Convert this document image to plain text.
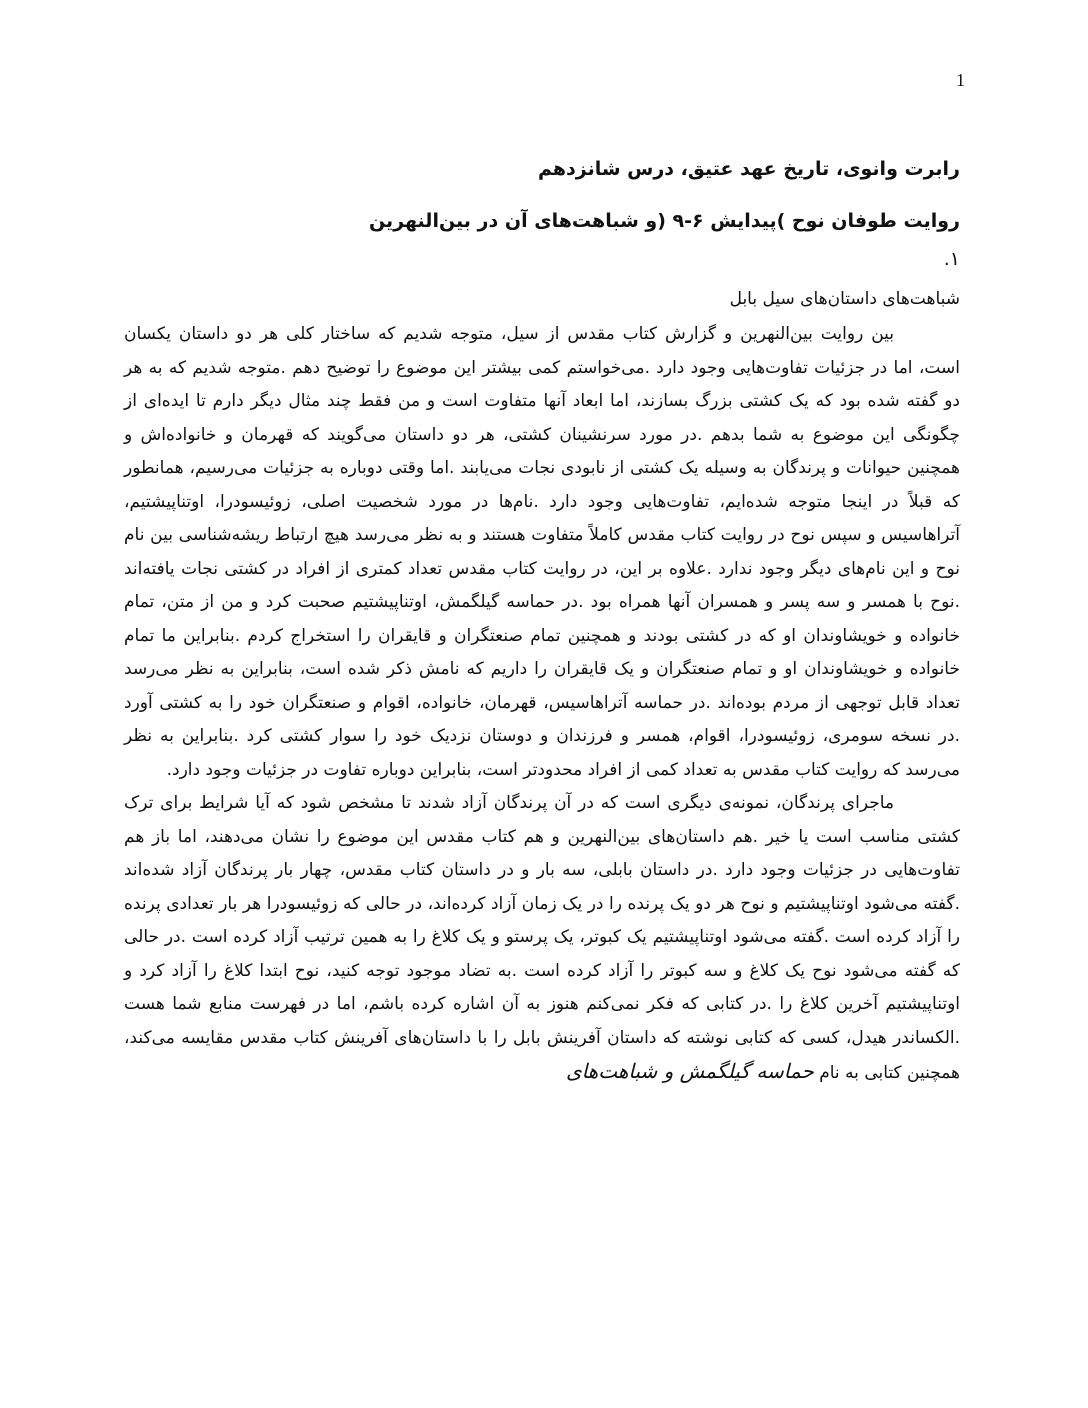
1

رابرت وانوی، تاریخ عهد عتیق، درس شانزدهم

روایت طوفان نوح )پیدایش ۶-۹ (و شباهت‌های آن در بین‌النهرین

۱.

شباهت‌های داستان‌های سیل بابل

بین روایت بین‌النهرین و گزارش کتاب مقدس از سیل، متوجه شدیم که ساختار کلی هر دو داستان یکسان است، اما در جزئیات تفاوت‌هایی وجود دارد .می‌خواستم کمی بیشتر این موضوع را توضیح دهم .متوجه شدیم که به هر دو گفته شده بود که یک کشتی بزرگ بسازند، اما ابعاد آنها متفاوت است و من فقط چند مثال دیگر دارم تا ایده‌ای از چگونگی این موضوع به شما بدهم .در مورد سرنشینان کشتی، هر دو داستان می‌گویند که قهرمان و خانواده‌اش و همچنین حیوانات و پرندگان به وسیله یک کشتی از نابودی نجات می‌یابند .اما وقتی دوباره به جزئیات می‌رسیم، همانطور که قبلاً در اینجا متوجه شده‌ایم، تفاوت‌هایی وجود دارد .نام‌ها در مورد شخصیت اصلی، زوئیسودرا، اوتناپیشتیم، آتراهاسیس و سپس نوح در روایت کتاب مقدس کاملاً متفاوت هستند و به نظر می‌رسد هیچ ارتباط ریشه‌شناسی بین نام نوح و این نام‌های دیگر وجود ندارد .علاوه بر این، در روایت کتاب مقدس تعداد کمتری از افراد در کشتی نجات یافته‌اند .نوح با همسر و سه پسر و همسران آنها همراه بود .در حماسه گیلگمش، اوتناپیشتیم صحبت کرد و من از متن، تمام خانواده و خویشاوندان او که در کشتی بودند و همچنین تمام صنعتگران و قایقران را استخراج کردم .بنابراین ما تمام خانواده و خویشاوندان او و تمام صنعتگران و یک قایقران را داریم که نامش ذکر شده است، بنابراین به نظر می‌رسد تعداد قابل توجهی از مردم بوده‌اند .در حماسه آتراهاسیس، قهرمان، خانواده، اقوام و صنعتگران خود را به کشتی آورد .در نسخه سومری، زوئیسودرا، اقوام، همسر و فرزندان و دوستان نزدیک خود را سوار کشتی کرد .بنابراین به نظر می‌رسد که روایت کتاب مقدس به تعداد کمی از افراد محدودتر است، بنابراین دوباره تفاوت در جزئیات وجود دارد.

ماجرای پرندگان، نمونه‌ی دیگری است که در آن پرندگان آزاد شدند تا مشخص شود که آیا شرایط برای ترک کشتی مناسب است یا خیر .هم داستان‌های بین‌النهرین و هم کتاب مقدس این موضوع را نشان می‌دهند، اما باز هم تفاوت‌هایی در جزئیات وجود دارد .در داستان بابلی، سه بار و در داستان کتاب مقدس، چهار بار پرندگان آزاد شده‌اند .گفته می‌شود اوتناپیشتیم و نوح هر دو یک پرنده را در یک زمان آزاد کرده‌اند، در حالی که زوئیسودرا هر بار تعدادی پرنده را آزاد کرده است .گفته می‌شود اوتناپیشتیم یک کبوتر، یک پرستو و یک کلاغ را به همین ترتیب آزاد کرده است .در حالی که گفته می‌شود نوح یک کلاغ و سه کبوتر را آزاد کرده است .به تضاد موجود توجه کنید، نوح ابتدا کلاغ را آزاد کرد و اوتناپیشتیم آخرین کلاغ را .در کتابی که فکر نمی‌کنم هنوز به آن اشاره کرده باشم، اما در فهرست منابع شما هست .الکساندر هیدل، کسی که کتابی نوشته که داستان آفرینش بابل را با داستان‌های آفرینش کتاب مقدس مقایسه می‌کند، همچنین کتابی به نام حماسه گیلگمش و شباهت‌های
